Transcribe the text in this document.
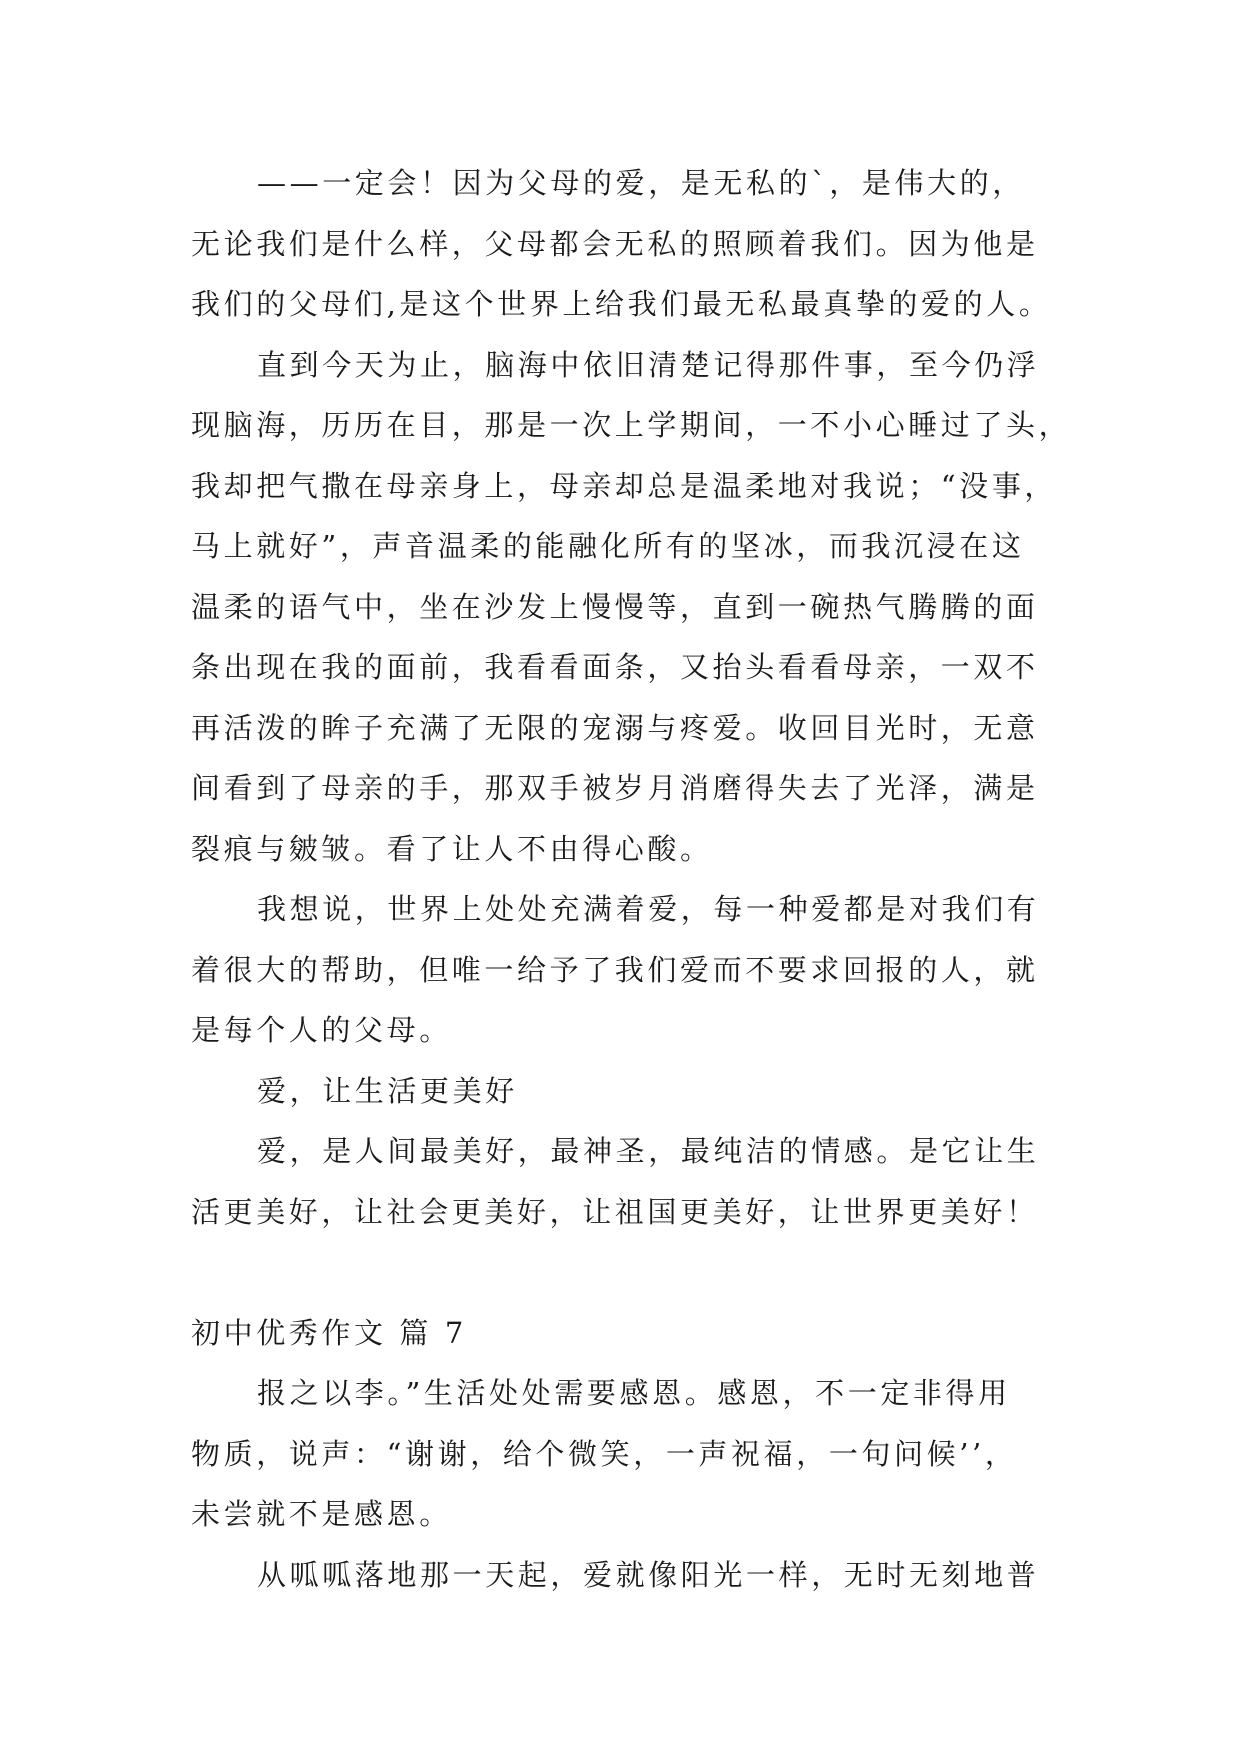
——一定会！因为父母的爱，是无私的`，是伟大的，
无论我们是什么样，父母都会无私的照顾着我们。因为他是
我们的父母们,是这个世界上给我们最无私最真挚的爱的人。
直到今天为止，脑海中依旧清楚记得那件事，至今仍浮
现脑海，历历在目，那是一次上学期间，一不小心睡过了头，
我却把气撒在母亲身上，母亲却总是温柔地对我说；“没事，
马上就好”，声音温柔的能融化所有的坚冰，而我沉浸在这
温柔的语气中，坐在沙发上慢慢等，直到一碗热气腾腾的面
条出现在我的面前，我看看面条，又抬头看看母亲，一双不
再活泼的眸子充满了无限的宠溺与疼爱。收回目光时，无意
间看到了母亲的手，那双手被岁月消磨得失去了光泽，满是
裂痕与皴皱。看了让人不由得心酸。
我想说，世界上处处充满着爱，每一种爱都是对我们有
着很大的帮助，但唯一给予了我们爱而不要求回报的人，就
是每个人的父母。
爱，让生活更美好
爱，是人间最美好，最神圣，最纯洁的情感。是它让生
活更美好，让社会更美好，让祖国更美好，让世界更美好！
初中优秀作文 篇 7
报之以李。”生活处处需要感恩。感恩，不一定非得用
物质，说声：“谢谢，给个微笑，一声祝福，一句问候’’，
未尝就不是感恩。
从呱呱落地那一天起，爱就像阳光一样，无时无刻地普
